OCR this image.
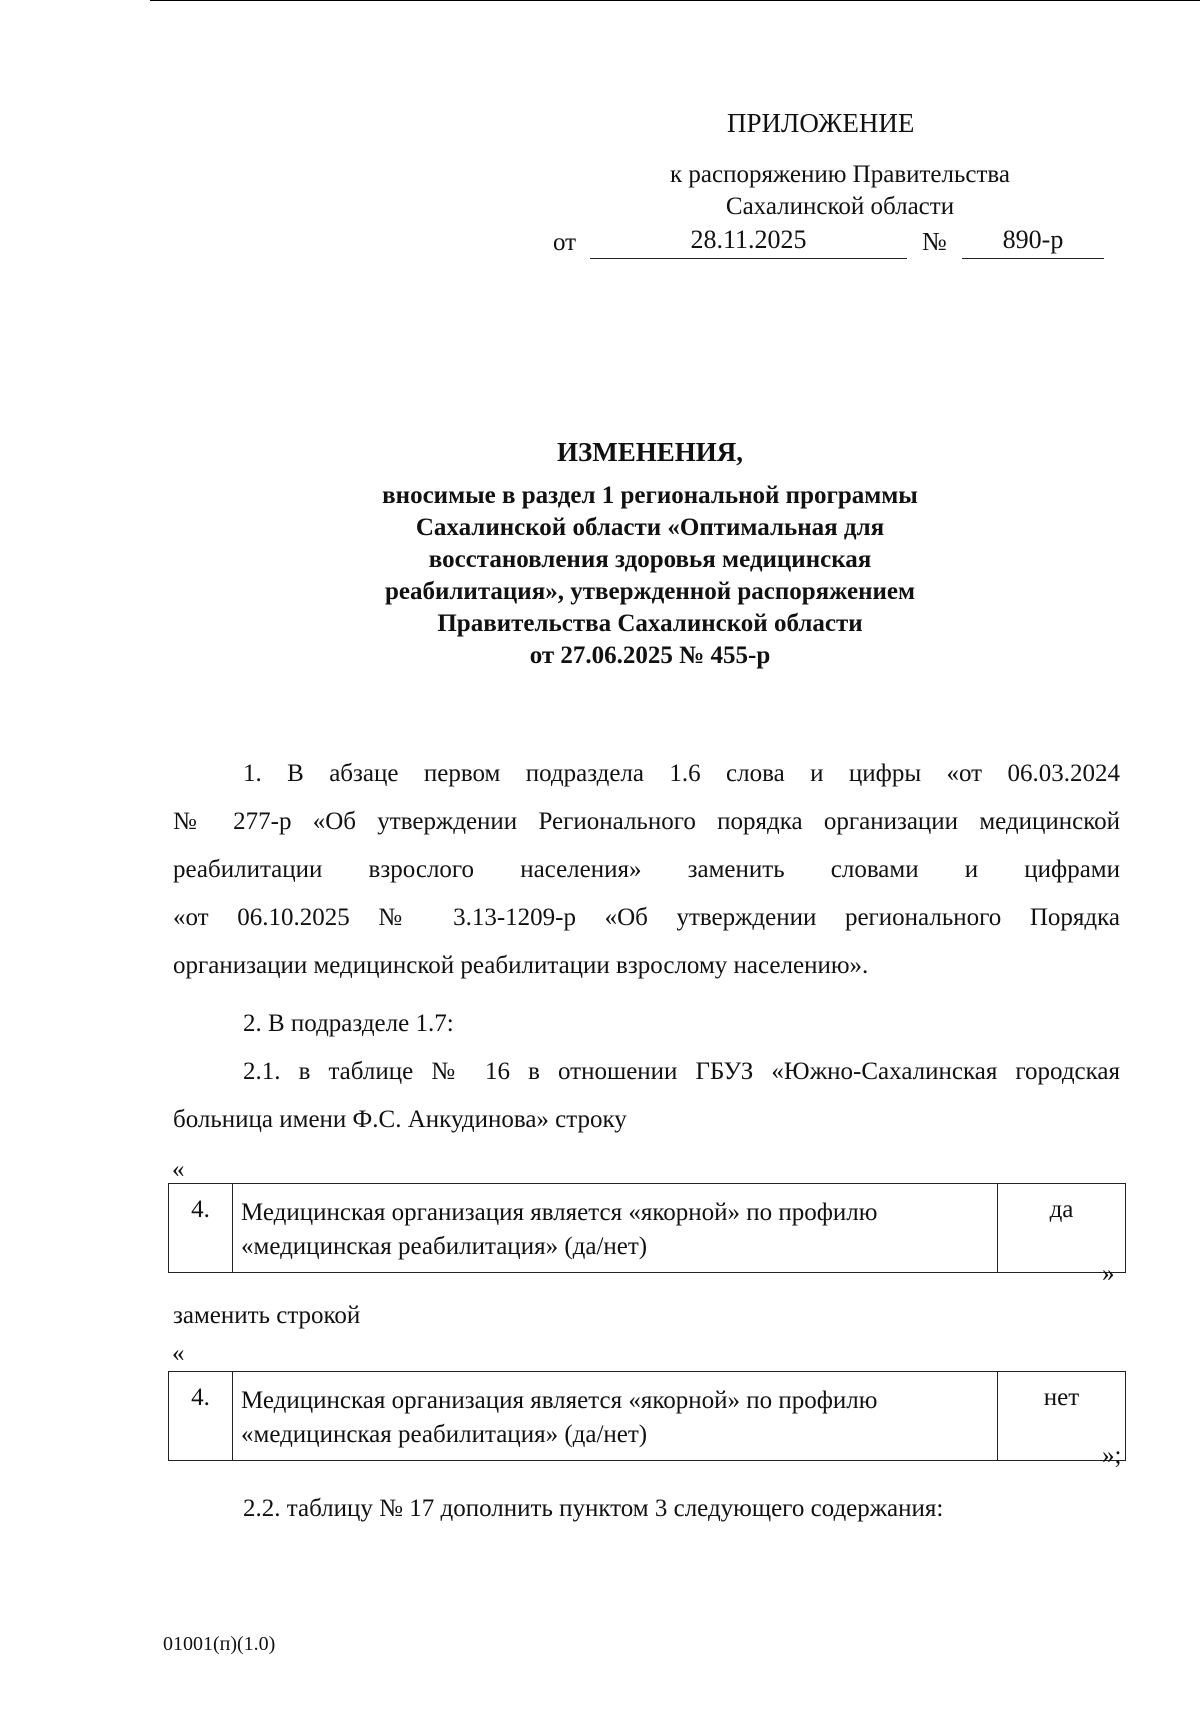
ПРИЛОЖЕНИЕ
к распоряжению Правительства
Сахалинской области
от	28.11.2025	№	890-р
ИЗМЕНЕНИЯ,
вносимые в раздел 1 региональной программы
Сахалинской области «Оптимальная для
восстановления здоровья медицинская
реабилитация», утвержденной распоряжением
Правительства Сахалинской области
от 27.06.2025 № 455-р
1. В абзаце первом подраздела 1.6 слова и цифры «от 06.03.2024
№ 277-р «Об утверждении Регионального порядка организации медицинской
реабилитации взрослого населения» заменить словами и цифрами
«от 06.10.2025 № 3.13-1209-р «Об утверждении регионального Порядка
организации медицинской реабилитации взрослому населению».
2. В подразделе 1.7:
2.1. в таблице № 16 в отношении ГБУЗ «Южно-Сахалинская городская
больница имени Ф.С. Анкудинова» строку
«
4.	Медицинская организация является «якорной» по профилю «медицинская реабилитация» (да/нет)	да
»
заменить строкой
«
4.	Медицинская организация является «якорной» по профилю «медицинская реабилитация» (да/нет)	нет
»;
2.2. таблицу № 17 дополнить пунктом 3 следующего содержания:
01001(п)(1.0)
